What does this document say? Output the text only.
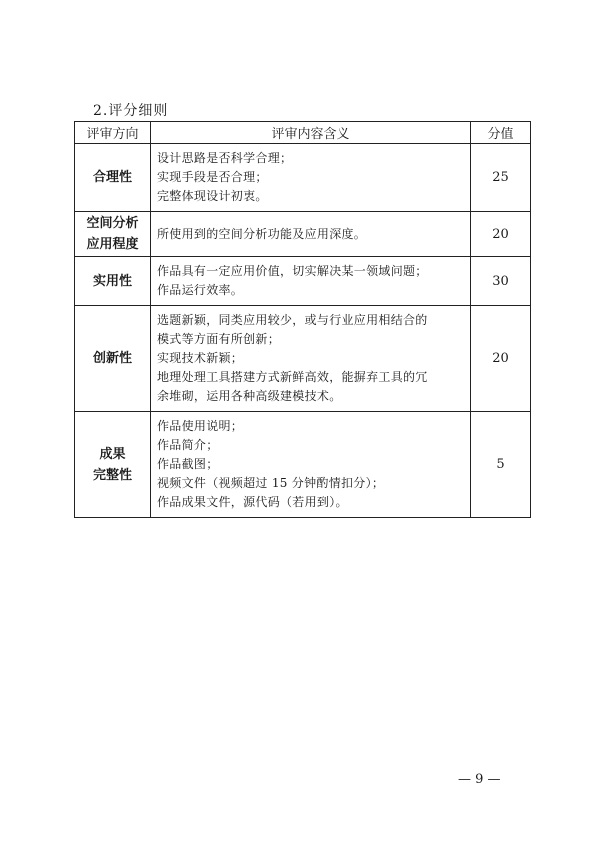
2.评分细则
评审方向	评审内容含义	分值
合理性	设计思路是否科学合理；
实现手段是否合理；
完整体现设计初衷。	25
空间分析
应用程度	所使用到的空间分析功能及应用深度。	20
实用性	作品具有一定应用价值，切实解决某一领域问题；
作品运行效率。	30
创新性	选题新颖，同类应用较少，或与行业应用相结合的
模式等方面有所创新；
实现技术新颖；
地理处理工具搭建方式新鲜高效，能摒弃工具的冗
余堆砌，运用各种高级建模技术。	20
成果
完整性	作品使用说明；
作品简介；
作品截图；
视频文件（视频超过 15 分钟酌情扣分）；
作品成果文件，源代码（若用到）。	5
— 9 —
